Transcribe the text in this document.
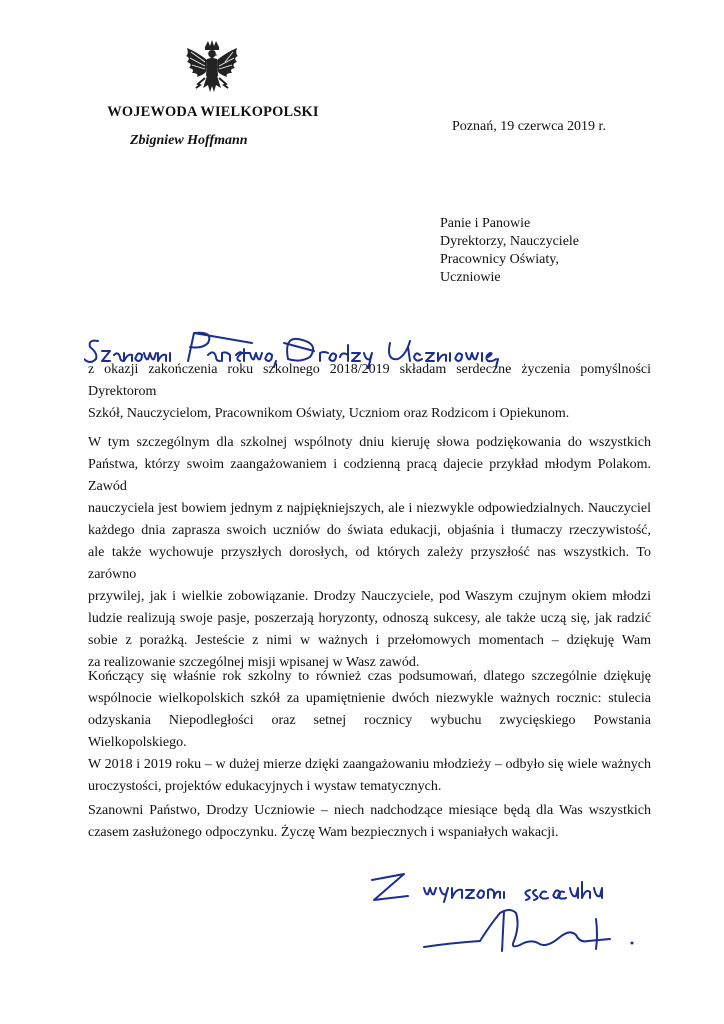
WOJEWODA WIELKOPOLSKI
Zbigniew Hoffmann
Poznań, 19 czerwca 2019 r.
Panie i Panowie
Dyrektorzy, Nauczyciele
Pracownicy Oświaty,
Uczniowie
z okazji zakończenia roku szkolnego 2018/2019 składam serdeczne życzenia pomyślności Dyrektorom
Szkół, Nauczycielom, Pracownikom Oświaty, Uczniom oraz Rodzicom i Opiekunom.
W tym szczególnym dla szkolnej wspólnoty dniu kieruję słowa podziękowania do wszystkich
Państwa, którzy swoim zaangażowaniem i codzienną pracą dajecie przykład młodym Polakom. Zawód
nauczyciela jest bowiem jednym z najpiękniejszych, ale i niezwykle odpowiedzialnych. Nauczyciel
każdego dnia zaprasza swoich uczniów do świata edukacji, objaśnia i tłumaczy rzeczywistość,
ale także wychowuje przyszłych dorosłych, od których zależy przyszłość nas wszystkich. To zarówno
przywilej, jak i wielkie zobowiązanie. Drodzy Nauczyciele, pod Waszym czujnym okiem młodzi
ludzie realizują swoje pasje, poszerzają horyzonty, odnoszą sukcesy, ale także uczą się, jak radzić
sobie z porażką. Jesteście z nimi w ważnych i przełomowych momentach – dziękuję Wam
za realizowanie szczególnej misji wpisanej w Wasz zawód.
Kończący się właśnie rok szkolny to również czas podsumowań, dlatego szczególnie dziękuję
wspólnocie wielkopolskich szkół za upamiętnienie dwóch niezwykle ważnych rocznic: stulecia
odzyskania Niepodległości oraz setnej rocznicy wybuchu zwycięskiego Powstania Wielkopolskiego.
W 2018 i 2019 roku – w dużej mierze dzięki zaangażowaniu młodzieży – odbyło się wiele ważnych
uroczystości, projektów edukacyjnych i wystaw tematycznych.
Szanowni Państwo, Drodzy Uczniowie – niech nadchodzące miesiące będą dla Was wszystkich
czasem zasłużonego odpoczynku. Życzę Wam bezpiecznych i wspaniałych wakacji.
